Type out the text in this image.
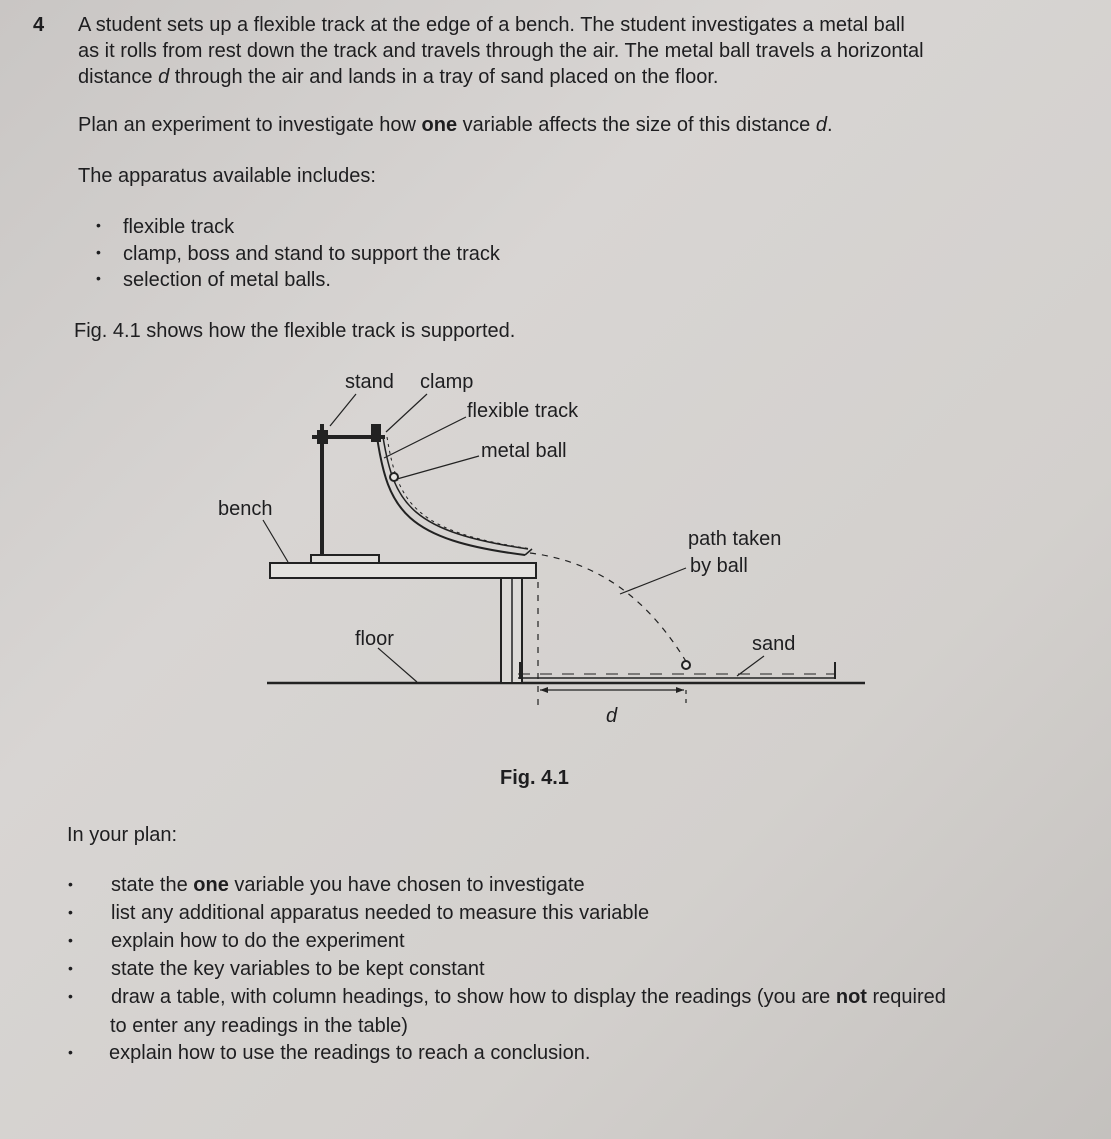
4 A student sets up a flexible track at the edge of a bench. The student investigates a metal ball

as it rolls from rest down the track and travels through the air. The metal ball travels a horizontal

distance d through the air and lands in a tray of sand placed on the floor.

Plan an experiment to investigate how one variable affects the size of this distance d.

The apparatus available includes:

• flexible track

• clamp, boss and stand to support the track

• selection of metal balls.

Fig. 4.1 shows how the flexible track is supported.

stand clamp
flexible track
metal ball
bench
path taken
by ball
floor	sand
d

Fig. 4.1

In your plan:

• state the one variable you have chosen to investigate

• list any additional apparatus needed to measure this variable

• explain how to do the experiment

• state the key variables to be kept constant

• draw a table, with column headings, to show how to display the readings (you are not required

to enter any readings in the table)

• explain how to use the readings to reach a conclusion.
